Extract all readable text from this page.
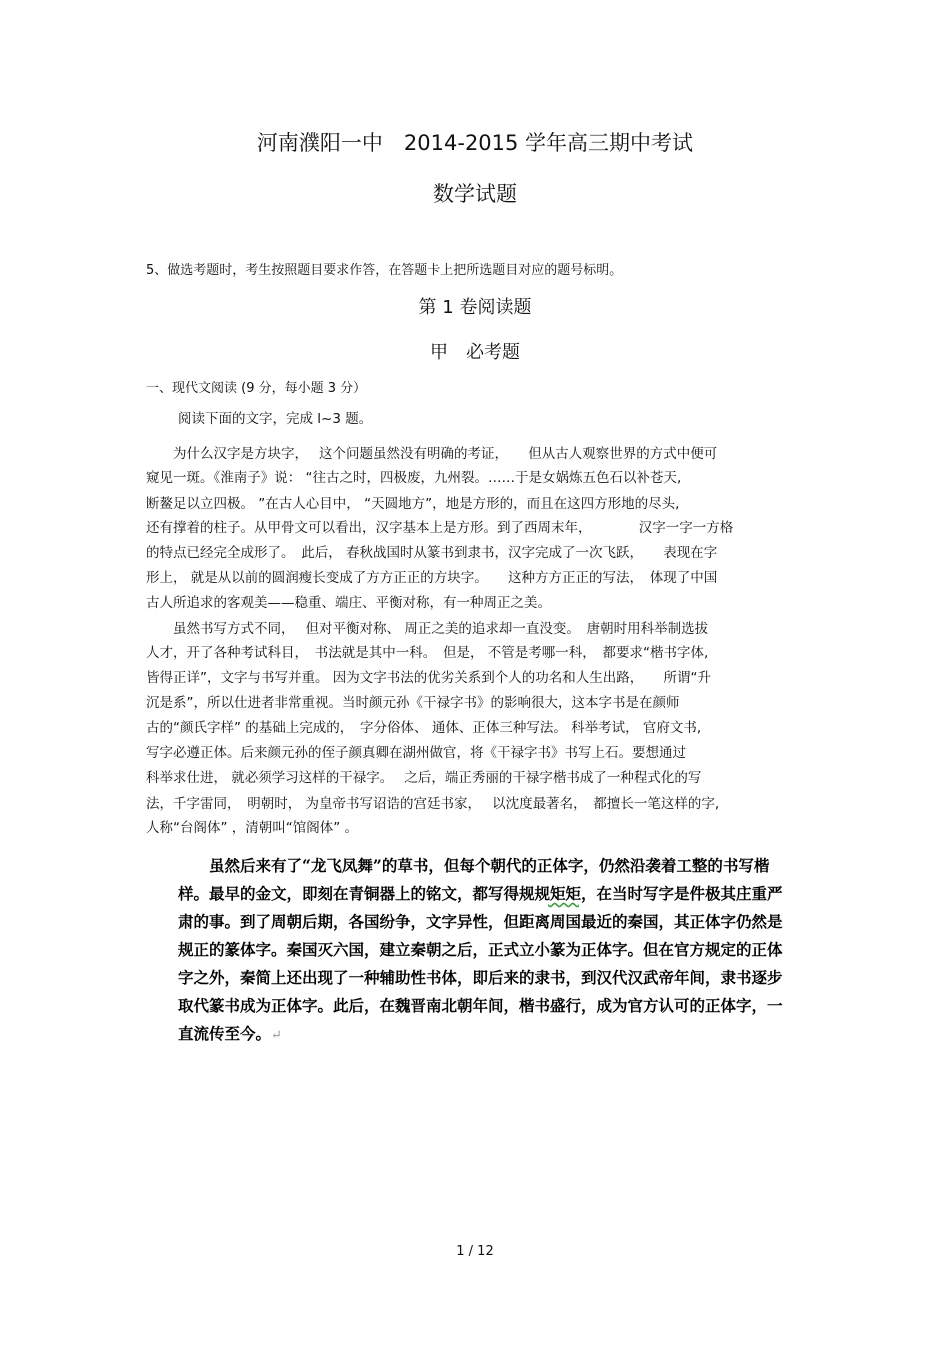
河南濮阳一中　2014-2015 学年高三期中考试
数学试题
5、做选考题时，考生按照题目要求作答，在答题卡上把所选题目对应的题号标明。
第 1 卷阅读题
甲　必考题
一、现代文阅读 (9 分，每小题 3 分）
阅读下面的文字，完成 l~3 题。
　　为什么汉字是方块字，　 这个问题虽然没有明确的考证，　　但从古人观察世界的方式中便可
窥见一斑。《淮南子》说： “往古之时，四极废，九州裂。……于是女娲炼五色石以补苍天,
断鳌足以立四极。 ”在古人心目中， “天圆地方”，地是方形的，而且在这四方形地的尽头,
还有撑着的柱子。从甲骨文可以看出，汉字基本上是方形。到了西周末年，　　　　汉字一字一方格
的特点已经完全成形了。　此后， 春秋战国时从篆书到隶书，汉字完成了一次飞跃，　　表现在字
形上， 就是从以前的圆润瘦长变成了方方正正的方块字。　　这种方方正正的写法，　体现了中国
古人所追求的客观美——稳重、端庄、平衡对称，有一种周正之美。
　　虽然书写方式不同，　 但对平衡对称、 周正之美的追求却一直没变。　唐朝时用科举制选拔
人才，开了各种考试科目，　书法就是其中一科。　但是， 不管是考哪一科，　都要求“楷书字体,
皆得正详”，文字与书写并重。 因为文字书法的优劣关系到个人的功名和人生出路，　　所谓“升
沉是系”，所以仕进者非常重视。当时颜元孙《干禄字书》的影响很大，这本字书是在颜师
古的“颜氏字样” 的基础上完成的，　字分俗体、 通体、正体三种写法。 科举考试， 官府文书,
写字必遵正体。后来颜元孙的侄子颜真卿在湖州做官，将《干禄字书》书写上石。要想通过
科举求仕进， 就必须学习这样的干禄字。　 之后，端正秀丽的干禄字楷书成了一种程式化的写
法，千字雷同，　明朝时， 为皇帝书写诏诰的宫廷书家，　 以沈度最著名，　都擅长一笔这样的字,
人称“台阁体” ，清朝叫“馆阁体” 。
　　虽然后来有了“龙飞凤舞”的草书，但每个朝代的正体字，仍然沿袭着工整的书写楷
样。最早的金文，即刻在青铜器上的铭文，都写得规规矩矩，在当时写字是件极其庄重严
肃的事。到了周朝后期，各国纷争，文字异性，但距离周国最近的秦国，其正体字仍然是
规正的篆体字。秦国灭六国，建立秦朝之后，正式立小篆为正体字。但在官方规定的正体
字之外，秦简上还出现了一种辅助性书体，即后来的隶书，到汉代汉武帝年间，隶书逐步
取代篆书成为正体字。此后，在魏晋南北朝年间，楷书盛行，成为官方认可的正体字，一
直流传至今。↵
1 / 12
